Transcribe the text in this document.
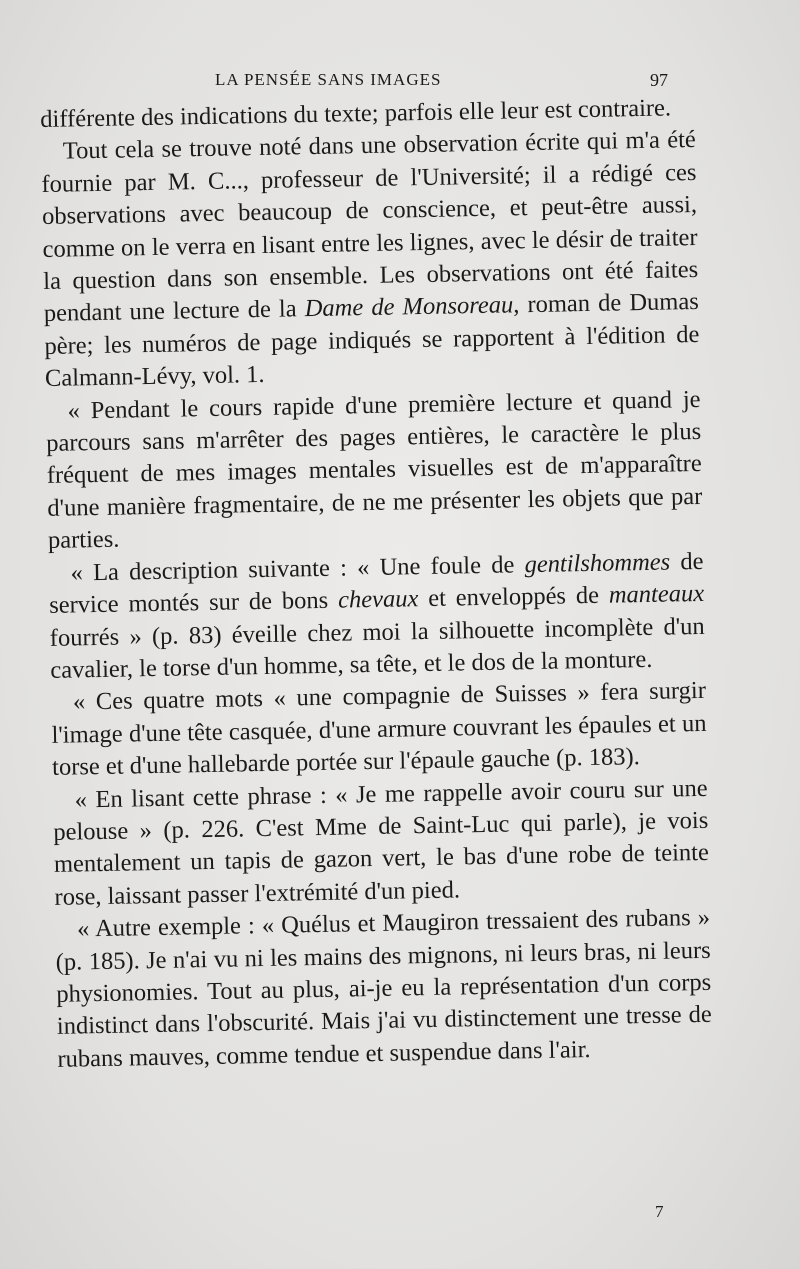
LA PENSÉE SANS IMAGES	97

différente des indications du texte; parfois elle leur est contraire.

Tout cela se trouve noté dans une observation écrite qui m'a été fournie par M. C..., professeur de l'Université; il a rédigé ces observations avec beaucoup de conscience, et peut-être aussi, comme on le verra en lisant entre les lignes, avec le désir de traiter la question dans son ensemble. Les observations ont été faites pendant une lecture de la Dame de Monsoreau, roman de Dumas père; les numéros de page indiqués se rapportent à l'édition de Calmann-Lévy, vol. 1.

« Pendant le cours rapide d'une première lecture et quand je parcours sans m'arrêter des pages entières, le caractère le plus fréquent de mes images mentales visuelles est de m'apparaître d'une manière fragmentaire, de ne me présenter les objets que par parties.

« La description suivante : « Une foule de gentilshommes de service montés sur de bons chevaux et enveloppés de manteaux fourrés » (p. 83) éveille chez moi la silhouette incomplète d'un cavalier, le torse d'un homme, sa tête, et le dos de la monture.

« Ces quatre mots « une compagnie de Suisses » fera surgir l'image d'une tête casquée, d'une armure couvrant les épaules et un torse et d'une hallebarde portée sur l'épaule gauche (p. 183).

« En lisant cette phrase : « Je me rappelle avoir couru sur une pelouse » (p. 226. C'est Mme de Saint-Luc qui parle), je vois mentalement un tapis de gazon vert, le bas d'une robe de teinte rose, laissant passer l'extrémité d'un pied.

« Autre exemple : « Quélus et Maugiron tressaient des rubans » (p. 185). Je n'ai vu ni les mains des mignons, ni leurs bras, ni leurs physionomies. Tout au plus, ai-je eu la représentation d'un corps indistinct dans l'obscurité. Mais j'ai vu distinctement une tresse de rubans mauves, comme tendue et suspendue dans l'air.

7
